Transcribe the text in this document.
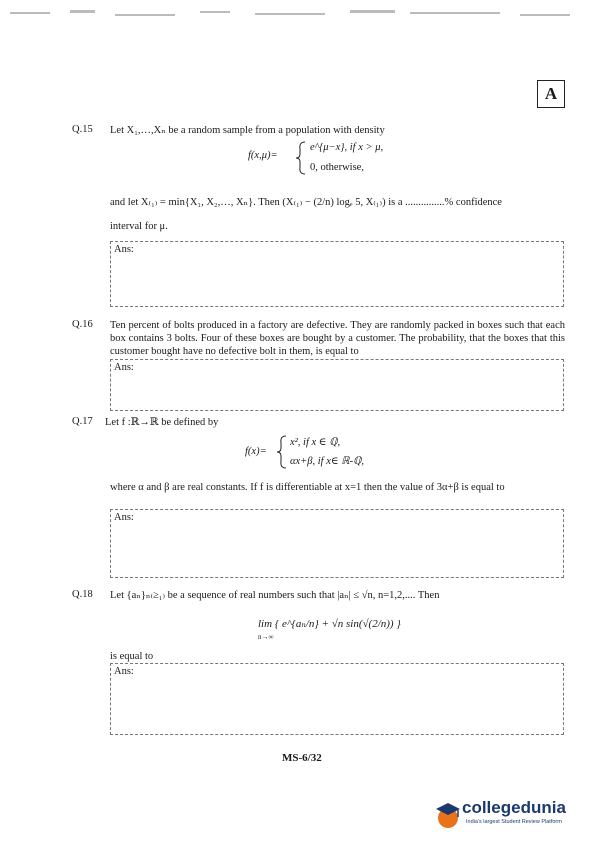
A
Q.15 Let X₁,…,Xₙ be a random sample from a population with density
f(x,μ)=
e^{μ−x}, if x > μ,
0, otherwise,
and let X₍₁₎ = min{X₁, X₂,…, Xₙ}. Then (X₍₁₎ − (2/n) logₑ 5, X₍₁₎) is a ...............% confidence
interval for μ.
Ans:
Q.16 Ten percent of bolts produced in a factory are defective. They are randomly packed in boxes such that each box contains 3 bolts. Four of these boxes are bought by a customer. The probability, that the boxes that this customer bought have no defective bolt in them, is equal to
Ans:
Q.17 Let f :ℝ→ℝ be defined by
f(x)=
x², if x ∈ ℚ,
αx+β, if x∈ ℝ-ℚ,
where α and β are real constants. If f is differentiable at x=1 then the value of 3α+β is equal to
Ans:
Q.18 Let {aₙ}ₙ₍≥₁₎ be a sequence of real numbers such that |aₙ| ≤ √n, n=1,2,.... Then
lim { e^{aₙ/n} + √n sin(√(2/n)) }
n→∞
is equal to
Ans:
MS-6/32
collegedunia
India's largest Student Review Platform
